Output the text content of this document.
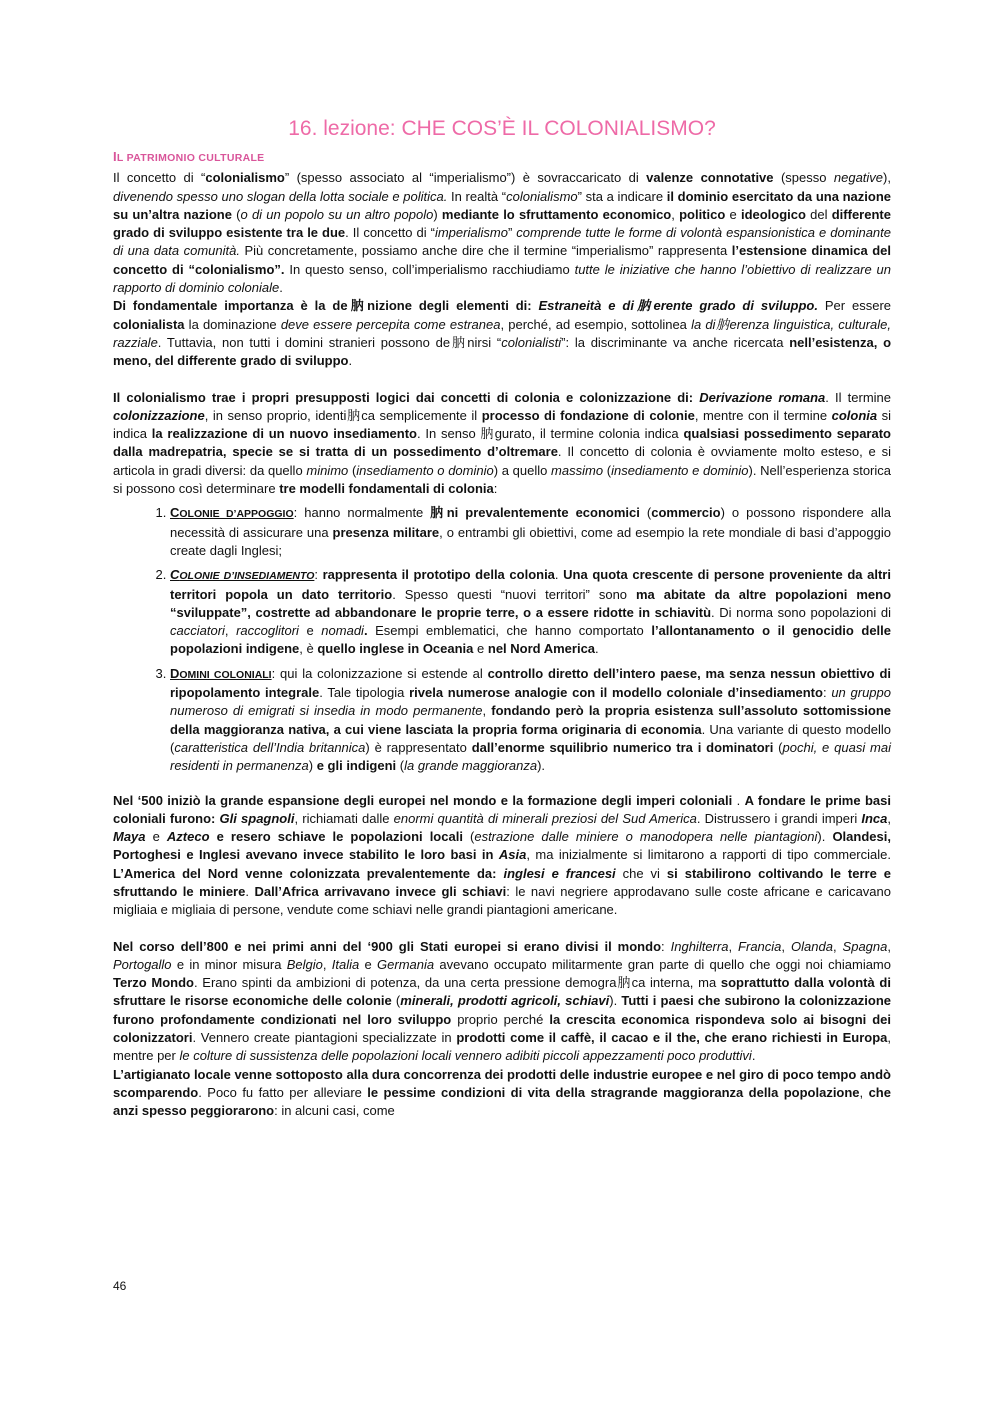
16. lezione: CHE COS’È IL COLONIALISMO?
IL PATRIMONIO CULTURALE

Il concetto di “colonialismo” (spesso associato al “imperialismo”) è sovraccaricato di valenze connotative (spesso negative), divenendo spesso uno slogan della lotta sociale e politica. In realtà “colonialismo” sta a indicare il dominio esercitato da una nazione su un’altra nazione (o di un popolo su un altro popolo) mediante lo sfruttamento economico, politico e ideologico del differente grado di sviluppo esistente tra le due. Il concetto di “imperialismo” comprende tutte le forme di volontà espansionistica e dominante di una data comunità. Più concretamente, possiamo anche dire che il termine “imperialismo” rappresenta l’estensione dinamica del concetto di “colonialismo”. In questo senso, coll’imperialismo racchiudiamo tutte le iniziative che hanno l’obiettivo di realizzare un rapporto di dominio coloniale.

Di fondamentale importanza è la de肭nizione degli elementi di: Estraneità e di肭erente grado di sviluppo. Per essere colonialista la dominazione deve essere percepita come estranea, perché, ad esempio, sottolinea la di肭erenza linguistica, culturale, razziale. Tuttavia, non tutti i domini stranieri possono de肭nirsi “colonialisti”: la discriminante va anche ricercata nell’esistenza, o meno, del differente grado di sviluppo.

Il colonialismo trae i propri presupposti logici dai concetti di colonia e colonizzazione di: Derivazione romana. Il termine colonizzazione, in senso proprio, identi肭ca semplicemente il processo di fondazione di colonie, mentre con il termine colonia si indica la realizzazione di un nuovo insediamento. In senso 肭gurato, il termine colonia indica qualsiasi possedimento separato dalla madrepatria, specie se si tratta di un possedimento d’oltremare. Il concetto di colonia è ovviamente molto esteso, e si articola in gradi diversi: da quello minimo (insediamento o dominio) a quello massimo (insediamento e dominio). Nell’esperienza storica si possono così determinare tre modelli fondamentali di colonia:

1. COLONIE D’APPOGGIO: hanno normalmente 肭ni prevalentemente economici (commercio) o possono rispondere alla necessità di assicurare una presenza militare, o entrambi gli obiettivi, come ad esempio la rete mondiale di basi d’appoggio create dagli Inglesi;
2. COLONIE D’INSEDIAMENTO: rappresenta il prototipo della colonia. Una quota crescente di persone proveniente da altri territori popola un dato territorio. Spesso questi “nuovi territori” sono ma abitate da altre popolazioni meno “sviluppate”, costrette ad abbandonare le proprie terre, o a essere ridotte in schiavitù. Di norma sono popolazioni di cacciatori, raccoglitori e nomadi. Esempi emblematici, che hanno comportato l’allontanamento o il genocidio delle popolazioni indigene, è quello inglese in Oceania e nel Nord America.
3. DOMINI COLONIALI: qui la colonizzazione si estende al controllo diretto dell’intero paese, ma senza nessun obiettivo di ripopolamento integrale. Tale tipologia rivela numerose analogie con il modello coloniale d’insediamento: un gruppo numeroso di emigrati si insedia in modo permanente, fondando però la propria esistenza sull’assoluto sottomissione della maggioranza nativa, a cui viene lasciata la propria forma originaria di economia. Una variante di questo modello (caratteristica dell’India britannica) è rappresentato dall’enorme squilibrio numerico tra i dominatori (pochi, e quasi mai residenti in permanenza) e gli indigeni (la grande maggioranza).

Nel ‘500 iniziò la grande espansione degli europei nel mondo e la formazione degli imperi coloniali . A fondare le prime basi coloniali furono: Gli spagnoli, richiamati dalle enormi quantità di minerali preziosi del Sud America. Distrussero i grandi imperi Inca, Maya e Azteco e resero schiave le popolazioni locali (estrazione dalle miniere o manodopera nelle piantagioni). Olandesi, Portoghesi e Inglesi avevano invece stabilito le loro basi in Asia, ma inizialmente si limitarono a rapporti di tipo commerciale. L’America del Nord venne colonizzata prevalentemente da: inglesi e francesi che vi si stabilirono coltivando le terre e sfruttando le miniere. Dall’Africa arrivavano invece gli schiavi: le navi negriere approdavano sulle coste africane e caricavano migliaia e migliaia di persone, vendute come schiavi nelle grandi piantagioni americane.

Nel corso dell’800 e nei primi anni del ‘900 gli Stati europei si erano divisi il mondo: Inghilterra, Francia, Olanda, Spagna, Portogallo e in minor misura Belgio, Italia e Germania avevano occupato militarmente gran parte di quello che oggi noi chiamiamo Terzo Mondo. Erano spinti da ambizioni di potenza, da una certa pressione demogra肭ca interna, ma soprattutto dalla volontà di sfruttare le risorse economiche delle colonie (minerali, prodotti agricoli, schiavi). Tutti i paesi che subirono la colonizzazione furono profondamente condizionati nel loro sviluppo proprio perché la crescita economica rispondeva solo ai bisogni dei colonizzatori. Vennero create piantagioni specializzate in prodotti come il caffè, il cacao e il the, che erano richiesti in Europa, mentre per le colture di sussistenza delle popolazioni locali vennero adibiti piccoli appezzamenti poco produttivi.

L’artigianato locale venne sottoposto alla dura concorrenza dei prodotti delle industrie europee e nel giro di poco tempo andò scomparendo. Poco fu fatto per alleviare le pessime condizioni di vita della stragrande maggioranza della popolazione, che anzi spesso peggiorarono: in alcuni casi, come

46
